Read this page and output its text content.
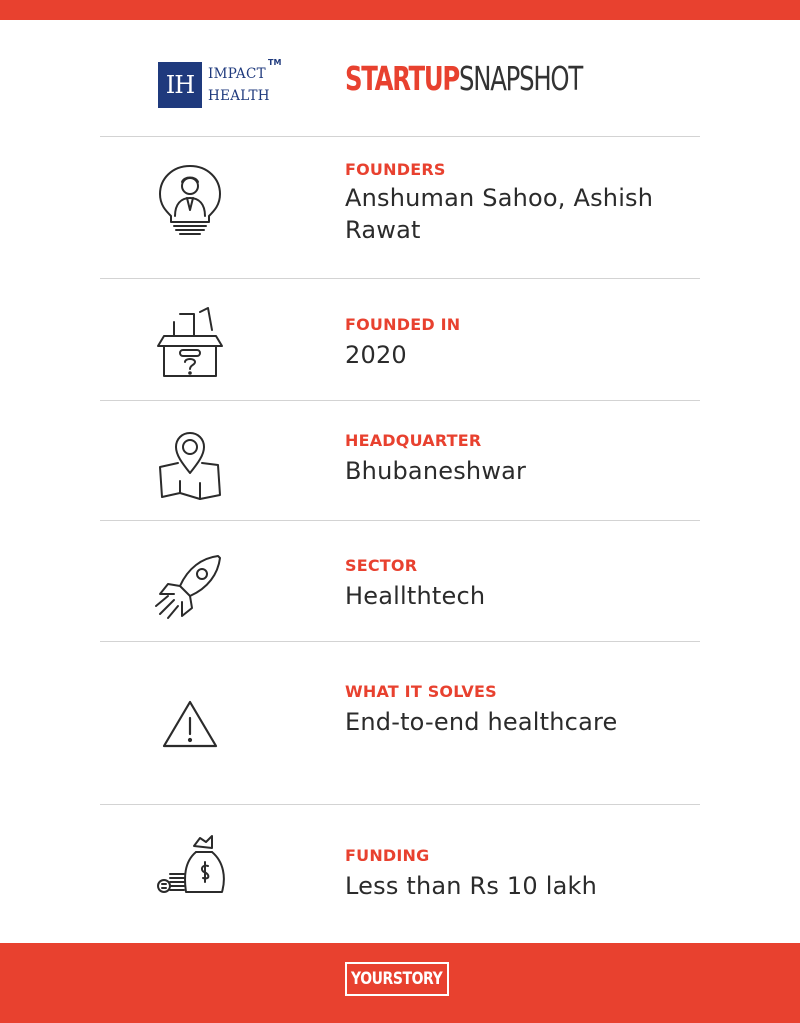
IH	IMPACT
HEALTH
TM STARTUP SNAPSHOT
FOUNDERS
Anshuman Sahoo, Ashish Rawat
FOUNDED IN
2020
HEADQUARTER
Bhubaneshwar
SECTOR
Heallthtech
WHAT IT SOLVES
End-to-end healthcare
FUNDING
Less than Rs 10 lakh
YOURSTORY
